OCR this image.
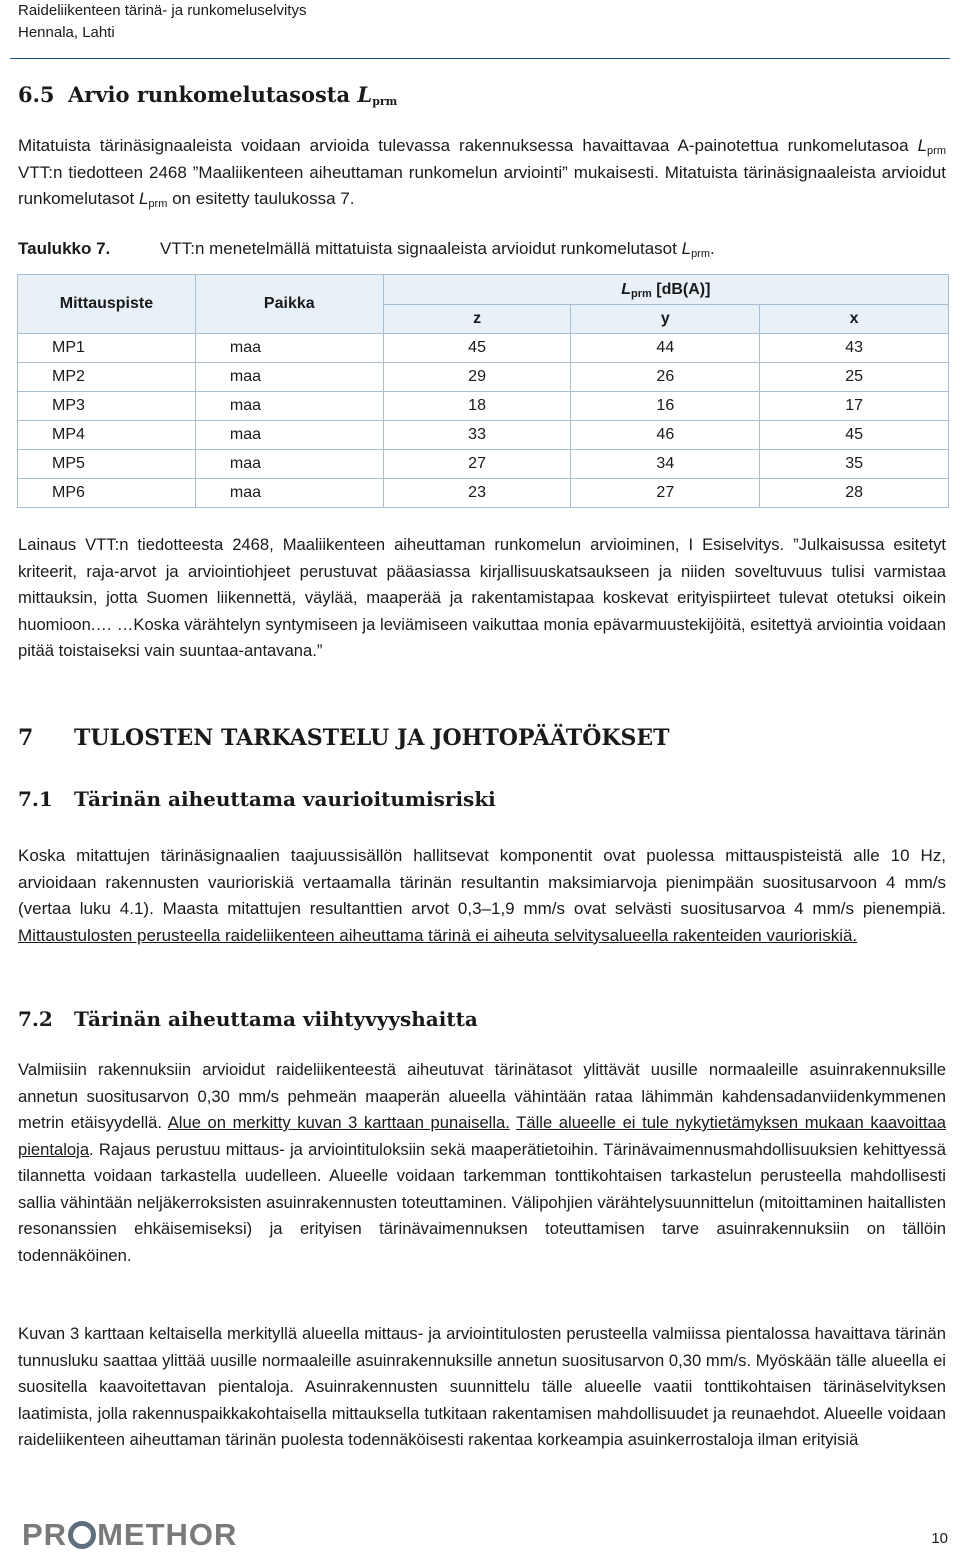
Raideliikenteen tärinä- ja runkomeluselvitys
Hennala, Lahti
6.5 Arvio runkomelutasosta $L_{prm}$

Mitatuista tärinäsignaaleista voidaan arvioida tulevassa rakennuksessa havaittavaa A-painotettua runkomelutasoa $L_{prm}$ VTT:n tiedotteen 2468 ”Maaliikenteen aiheuttaman runkomelun arviointi” mukaisesti. Mitatuista tärinäsignaaleista arvioidut runkomelutasot $L_{prm}$ on esitetty taulukossa 7.

Taulukko 7.	VTT:n menetelmällä mittatuista signaaleista arvioidut runkomelutasot $L_{prm}$.
Mittauspiste	Paikka	$L_{prm}$ [dB(A)]		
		z	y	x
MP1	maa	45	44	43
MP2	maa	29	26	25
MP3	maa	18	16	17
MP4	maa	33	46	45
MP5	maa	27	34	35
MP6	maa	23	27	28

Lainaus VTT:n tiedotteesta 2468, Maaliikenteen aiheuttaman runkomelun arvioiminen, I Esiselvitys. ”Julkaisussa esitetyt kriteerit, raja-arvot ja arviointiohjeet perustuvat pääasiassa kirjallisuuskatsaukseen ja niiden soveltuvuus tulisi varmistaa mittauksin, jotta Suomen liikennettä, väylää, maaperää ja rakentamistapaa koskevat erityispiirteet tulevat otetuksi oikein huomioon.… …Koska värähtelyn syntymiseen ja leviämiseen vaikuttaa monia epävarmuustekijöitä, esitettyä arviointia voidaan pitää toistaiseksi vain suuntaa-antavana.”

7 TULOSTEN TARKASTELU JA JOHTOPÄÄTÖKSET
7.1 Tärinän aiheuttama vaurioitumisriski

Koska mitattujen tärinäsignaalien taajuussisällön hallitsevat komponentit ovat puolessa mittauspisteistä alle 10 Hz, arvioidaan rakennusten vaurioriskiä vertaamalla tärinän resultantin maksimiarvoja pienimpään suositusarvoon 4 mm/s (vertaa luku 4.1). Maasta mitattujen resultanttien arvot 0,3–1,9 mm/s ovat selvästi suositusarvoa 4 mm/s pienempiä. Mittaustulosten perusteella raideliikenteen aiheuttama tärinä ei aiheuta selvitysalueella rakenteiden vaurioriskiä.

7.2 Tärinän aiheuttama viihtyvyyshaitta

Valmiisiin rakennuksiin arvioidut raideliikenteestä aiheutuvat tärinätasot ylittävät uusille normaaleille asuinrakennuksille annetun suositusarvon 0,30 mm/s pehmeän maaperän alueella vähintään rataa lähimmän kahdensadanviidenkymmenen metrin etäisyydellä. Alue on merkitty kuvan 3 karttaan punaisella. Tälle alueelle ei tule nykytietämyksen mukaan kaavoittaa pientaloja. Rajaus perustuu mittaus- ja arviointituloksiin sekä maaperätietoihin. Tärinävaimennusmahdollisuuksien kehittyessä tilannetta voidaan tarkastella uudelleen. Alueelle voidaan tarkemman tonttikohtaisen tarkastelun perusteella mahdollisesti sallia vähintään neljäkerroksisten asuinrakennusten toteuttaminen. Välipohjien värähtelysuunnittelun (mitoittaminen haitallisten resonanssien ehkäisemiseksi) ja erityisen tärinävaimennuksen toteuttamisen tarve asuinrakennuksiin on tällöin todennäköinen.

Kuvan 3 karttaan keltaisella merkityllä alueella mittaus- ja arviointitulosten perusteella valmiissa pientalossa havaittava tärinän tunnusluku saattaa ylittää uusille normaaleille asuinrakennuksille annetun suositusarvon 0,30 mm/s. Myöskään tälle alueella ei suositella kaavoitettavan pientaloja. Asuinrakennusten suunnittelu tälle alueelle vaatii tonttikohtaisen tärinäselvityksen laatimista, jolla rakennuspaikkakohtaisella mittauksella tutkitaan rakentamisen mahdollisuudet ja reunaehdot. Alueelle voidaan raideliikenteen aiheuttaman tärinän puolesta todennäköisesti rakentaa korkeampia asuinkerrostaloja ilman erityisiä

PR METHOR	10
